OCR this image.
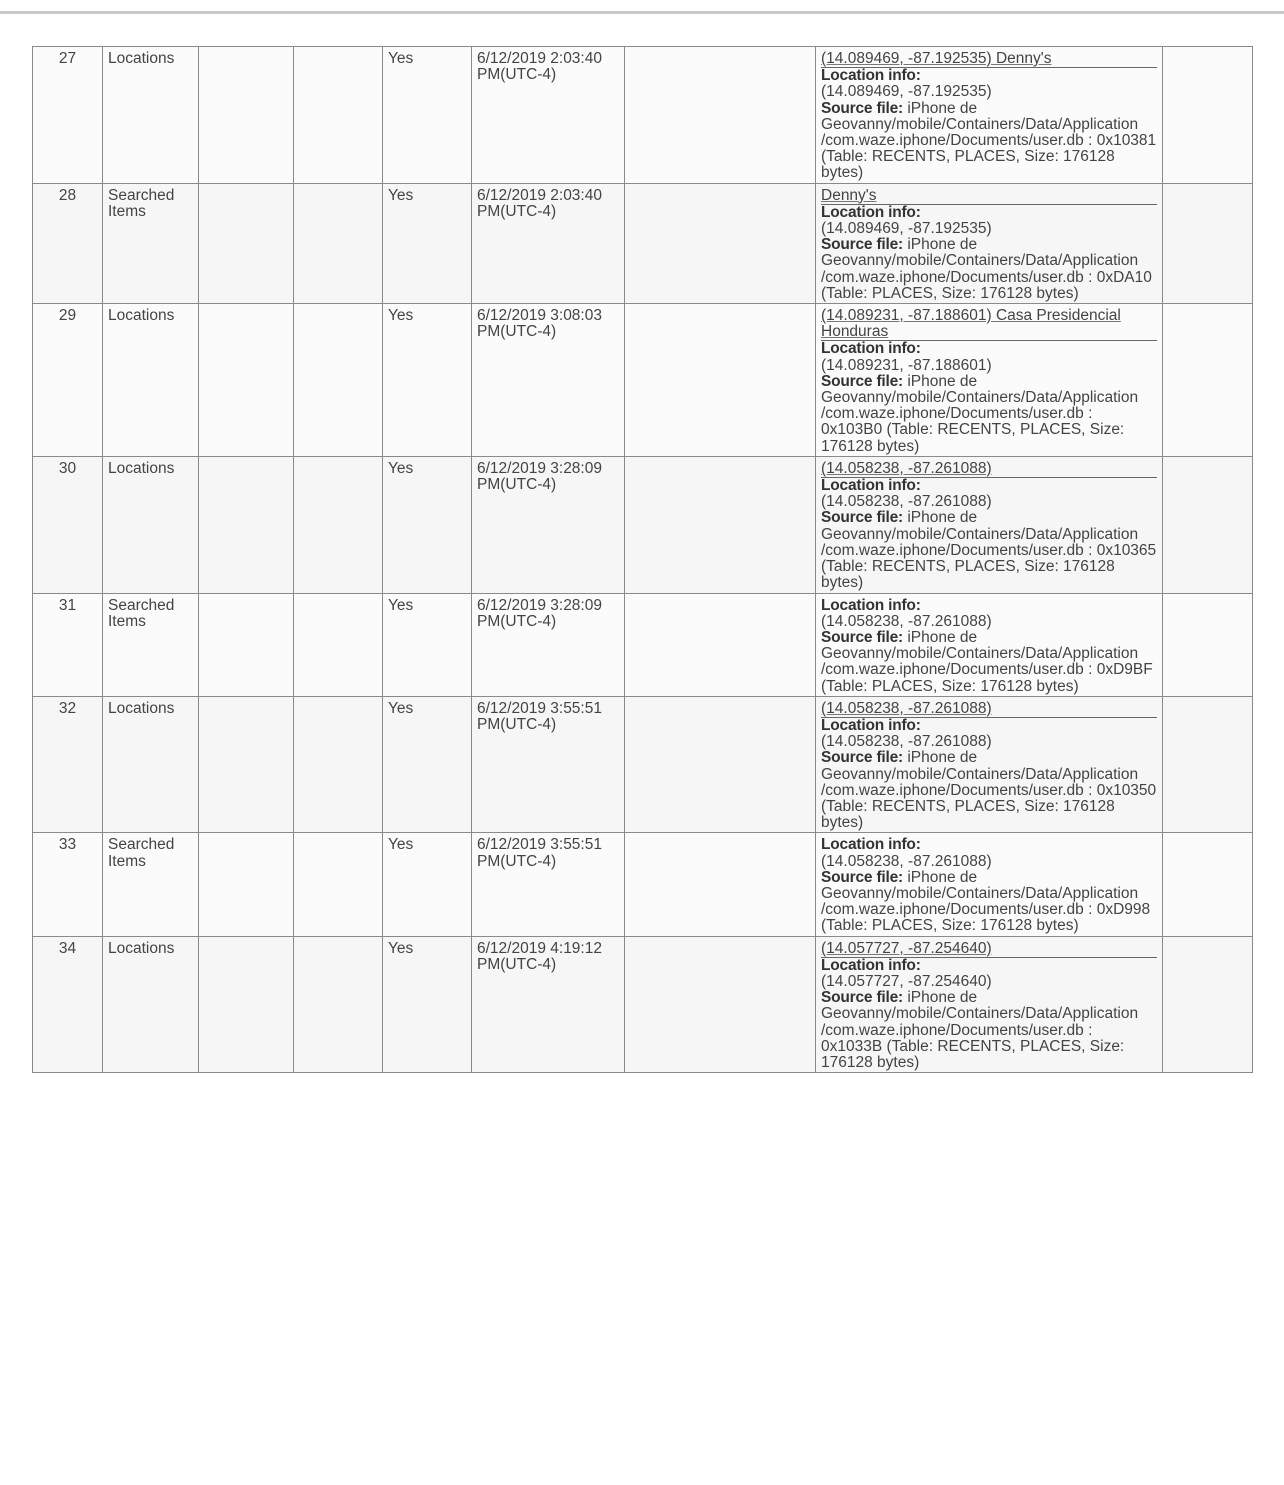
27	Locations			Yes	6/12/2019 2:03:40 PM(UTC-4)		(14.089469, -87.192535) Denny's
Location info:
(14.089469, -87.192535)
Source file: iPhone de Geovanny/mobile/Containers/Data/Application /com.waze.iphone/Documents/user.db : 0x10381 (Table: RECENTS, PLACES, Size: 176128 bytes)	

28	Searched Items			Yes	6/12/2019 2:03:40 PM(UTC-4)		Denny's
Location info:
(14.089469, -87.192535)
Source file: iPhone de Geovanny/mobile/Containers/Data/Application /com.waze.iphone/Documents/user.db : 0xDA10 (Table: PLACES, Size: 176128 bytes)	

29	Locations			Yes	6/12/2019 3:08:03 PM(UTC-4)		(14.089231, -87.188601) Casa Presidencial Honduras
Location info:
(14.089231, -87.188601)
Source file: iPhone de Geovanny/mobile/Containers/Data/Application /com.waze.iphone/Documents/user.db : 0x103B0 (Table: RECENTS, PLACES, Size: 176128 bytes)	

30	Locations			Yes	6/12/2019 3:28:09 PM(UTC-4)		(14.058238, -87.261088)
Location info:
(14.058238, -87.261088)
Source file: iPhone de Geovanny/mobile/Containers/Data/Application /com.waze.iphone/Documents/user.db : 0x10365 (Table: RECENTS, PLACES, Size: 176128 bytes)	

31	Searched Items			Yes	6/12/2019 3:28:09 PM(UTC-4)		Location info:
(14.058238, -87.261088)
Source file: iPhone de Geovanny/mobile/Containers/Data/Application /com.waze.iphone/Documents/user.db : 0xD9BF (Table: PLACES, Size: 176128 bytes)	

32	Locations			Yes	6/12/2019 3:55:51 PM(UTC-4)		(14.058238, -87.261088)
Location info:
(14.058238, -87.261088)
Source file: iPhone de Geovanny/mobile/Containers/Data/Application /com.waze.iphone/Documents/user.db : 0x10350 (Table: RECENTS, PLACES, Size: 176128 bytes)	

33	Searched Items			Yes	6/12/2019 3:55:51 PM(UTC-4)		Location info:
(14.058238, -87.261088)
Source file: iPhone de Geovanny/mobile/Containers/Data/Application /com.waze.iphone/Documents/user.db : 0xD998 (Table: PLACES, Size: 176128 bytes)	

34	Locations			Yes	6/12/2019 4:19:12 PM(UTC-4)		(14.057727, -87.254640)
Location info:
(14.057727, -87.254640)
Source file: iPhone de Geovanny/mobile/Containers/Data/Application /com.waze.iphone/Documents/user.db : 0x1033B (Table: RECENTS, PLACES, Size: 176128 bytes)	
